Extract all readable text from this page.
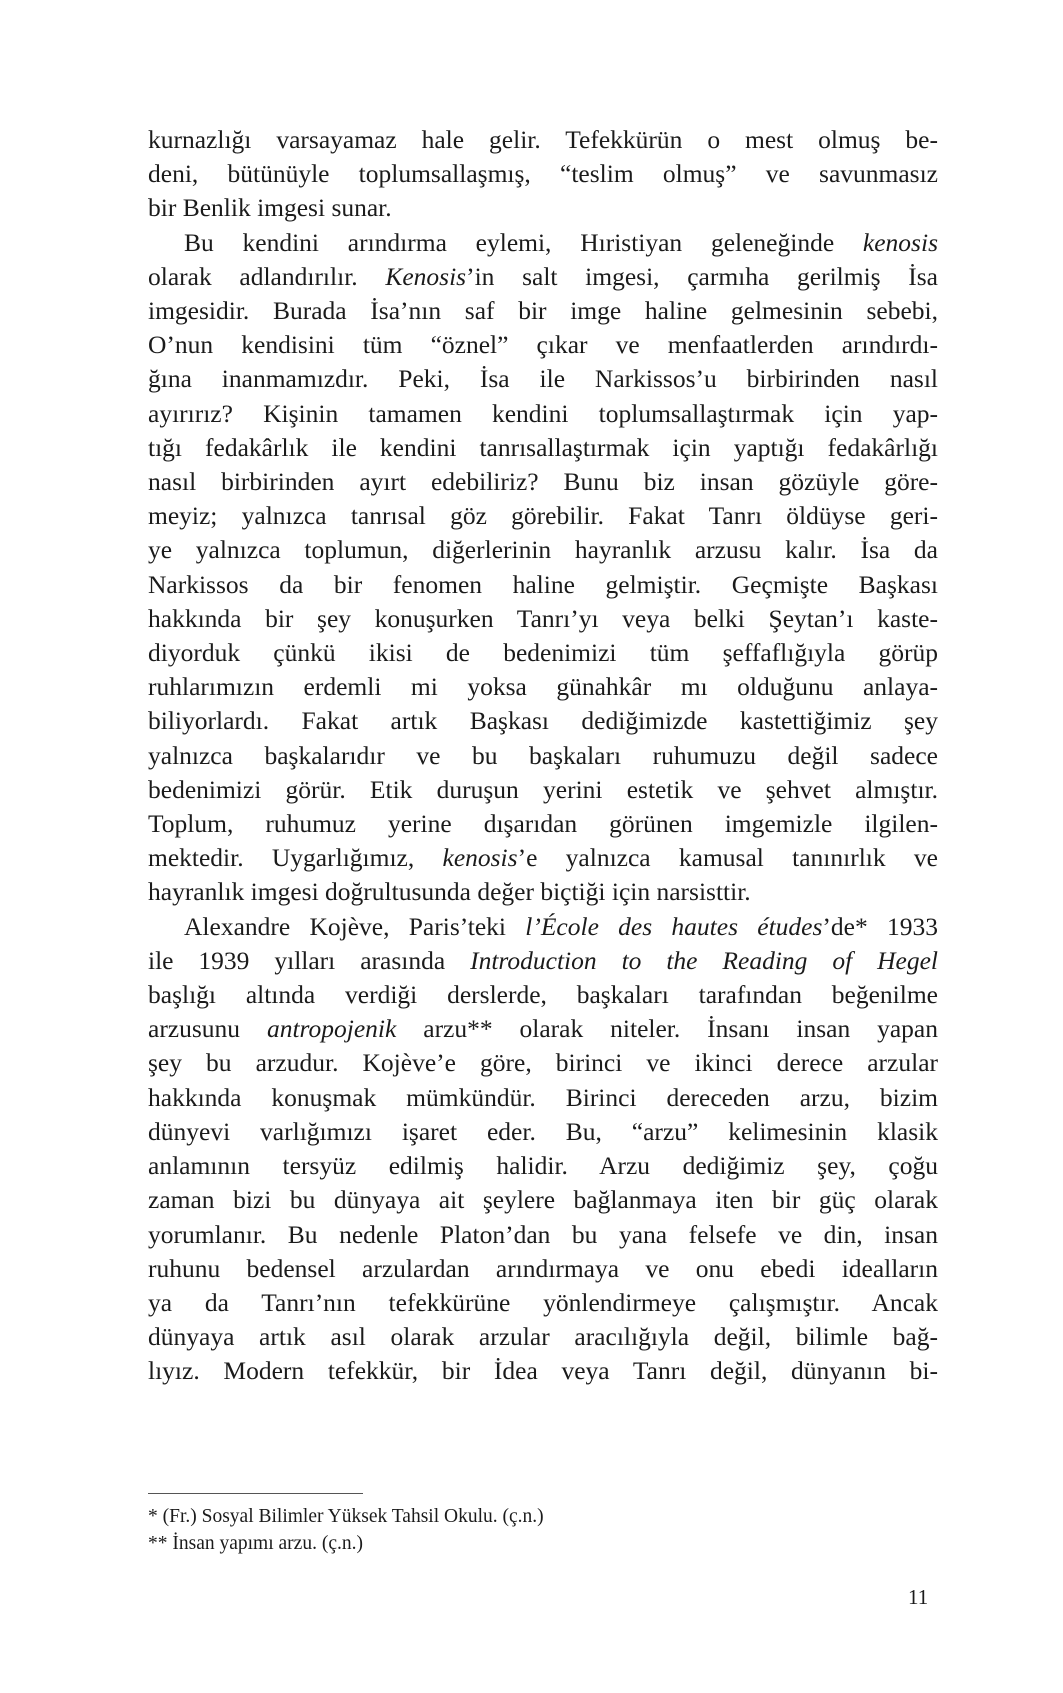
kurnazlığı varsayamaz hale gelir. Tefekkürün o mest olmuş be-
deni, bütünüyle toplumsallaşmış, “teslim olmuş” ve savunmasız
bir Benlik imgesi sunar.
Bu kendini arındırma eylemi, Hıristiyan geleneğinde kenosis
olarak adlandırılır. Kenosis’in salt imgesi, çarmıha gerilmiş İsa
imgesidir. Burada İsa’nın saf bir imge haline gelmesinin sebebi,
O’nun kendisini tüm “öznel” çıkar ve menfaatlerden arındırdı-
ğına inanmamızdır. Peki, İsa ile Narkissos’u birbirinden nasıl
ayırırız? Kişinin tamamen kendini toplumsallaştırmak için yap-
tığı fedakârlık ile kendini tanrısallaştırmak için yaptığı fedakârlığı
nasıl birbirinden ayırt edebiliriz? Bunu biz insan gözüyle göre-
meyiz; yalnızca tanrısal göz görebilir. Fakat Tanrı öldüyse geri-
ye yalnızca toplumun, diğerlerinin hayranlık arzusu kalır. İsa da
Narkissos da bir fenomen haline gelmiştir. Geçmişte Başkası
hakkında bir şey konuşurken Tanrı’yı veya belki Şeytan’ı kaste-
diyorduk çünkü ikisi de bedenimizi tüm şeffaflığıyla görüp
ruhlarımızın erdemli mi yoksa günahkâr mı olduğunu anlaya-
biliyorlardı. Fakat artık Başkası dediğimizde kastettiğimiz şey
yalnızca başkalarıdır ve bu başkaları ruhumuzu değil sadece
bedenimizi görür. Etik duruşun yerini estetik ve şehvet almıştır.
Toplum, ruhumuz yerine dışarıdan görünen imgemizle ilgilen-
mektedir. Uygarlığımız, kenosis’e yalnızca kamusal tanınırlık ve
hayranlık imgesi doğrultusunda değer biçtiği için narsisttir.
Alexandre Kojève, Paris’teki l’École des hautes études’de* 1933
ile 1939 yılları arasında Introduction to the Reading of Hegel
başlığı altında verdiği derslerde, başkaları tarafından beğenilme
arzusunu antropojenik arzu** olarak niteler. İnsanı insan yapan
şey bu arzudur. Kojève’e göre, birinci ve ikinci derece arzular
hakkında konuşmak mümkündür. Birinci dereceden arzu, bizim
dünyevi varlığımızı işaret eder. Bu, “arzu” kelimesinin klasik
anlamının tersyüz edilmiş halidir. Arzu dediğimiz şey, çoğu
zaman bizi bu dünyaya ait şeylere bağlanmaya iten bir güç olarak
yorumlanır. Bu nedenle Platon’dan bu yana felsefe ve din, insan
ruhunu bedensel arzulardan arındırmaya ve onu ebedi idealların
ya da Tanrı’nın tefekkürüne yönlendirmeye çalışmıştır. Ancak
dünyaya artık asıl olarak arzular aracılığıyla değil, bilimle bağ-
lıyız. Modern tefekkür, bir İdea veya Tanrı değil, dünyanın bi-
* (Fr.) Sosyal Bilimler Yüksek Tahsil Okulu. (ç.n.)
** İnsan yapımı arzu. (ç.n.)
11
